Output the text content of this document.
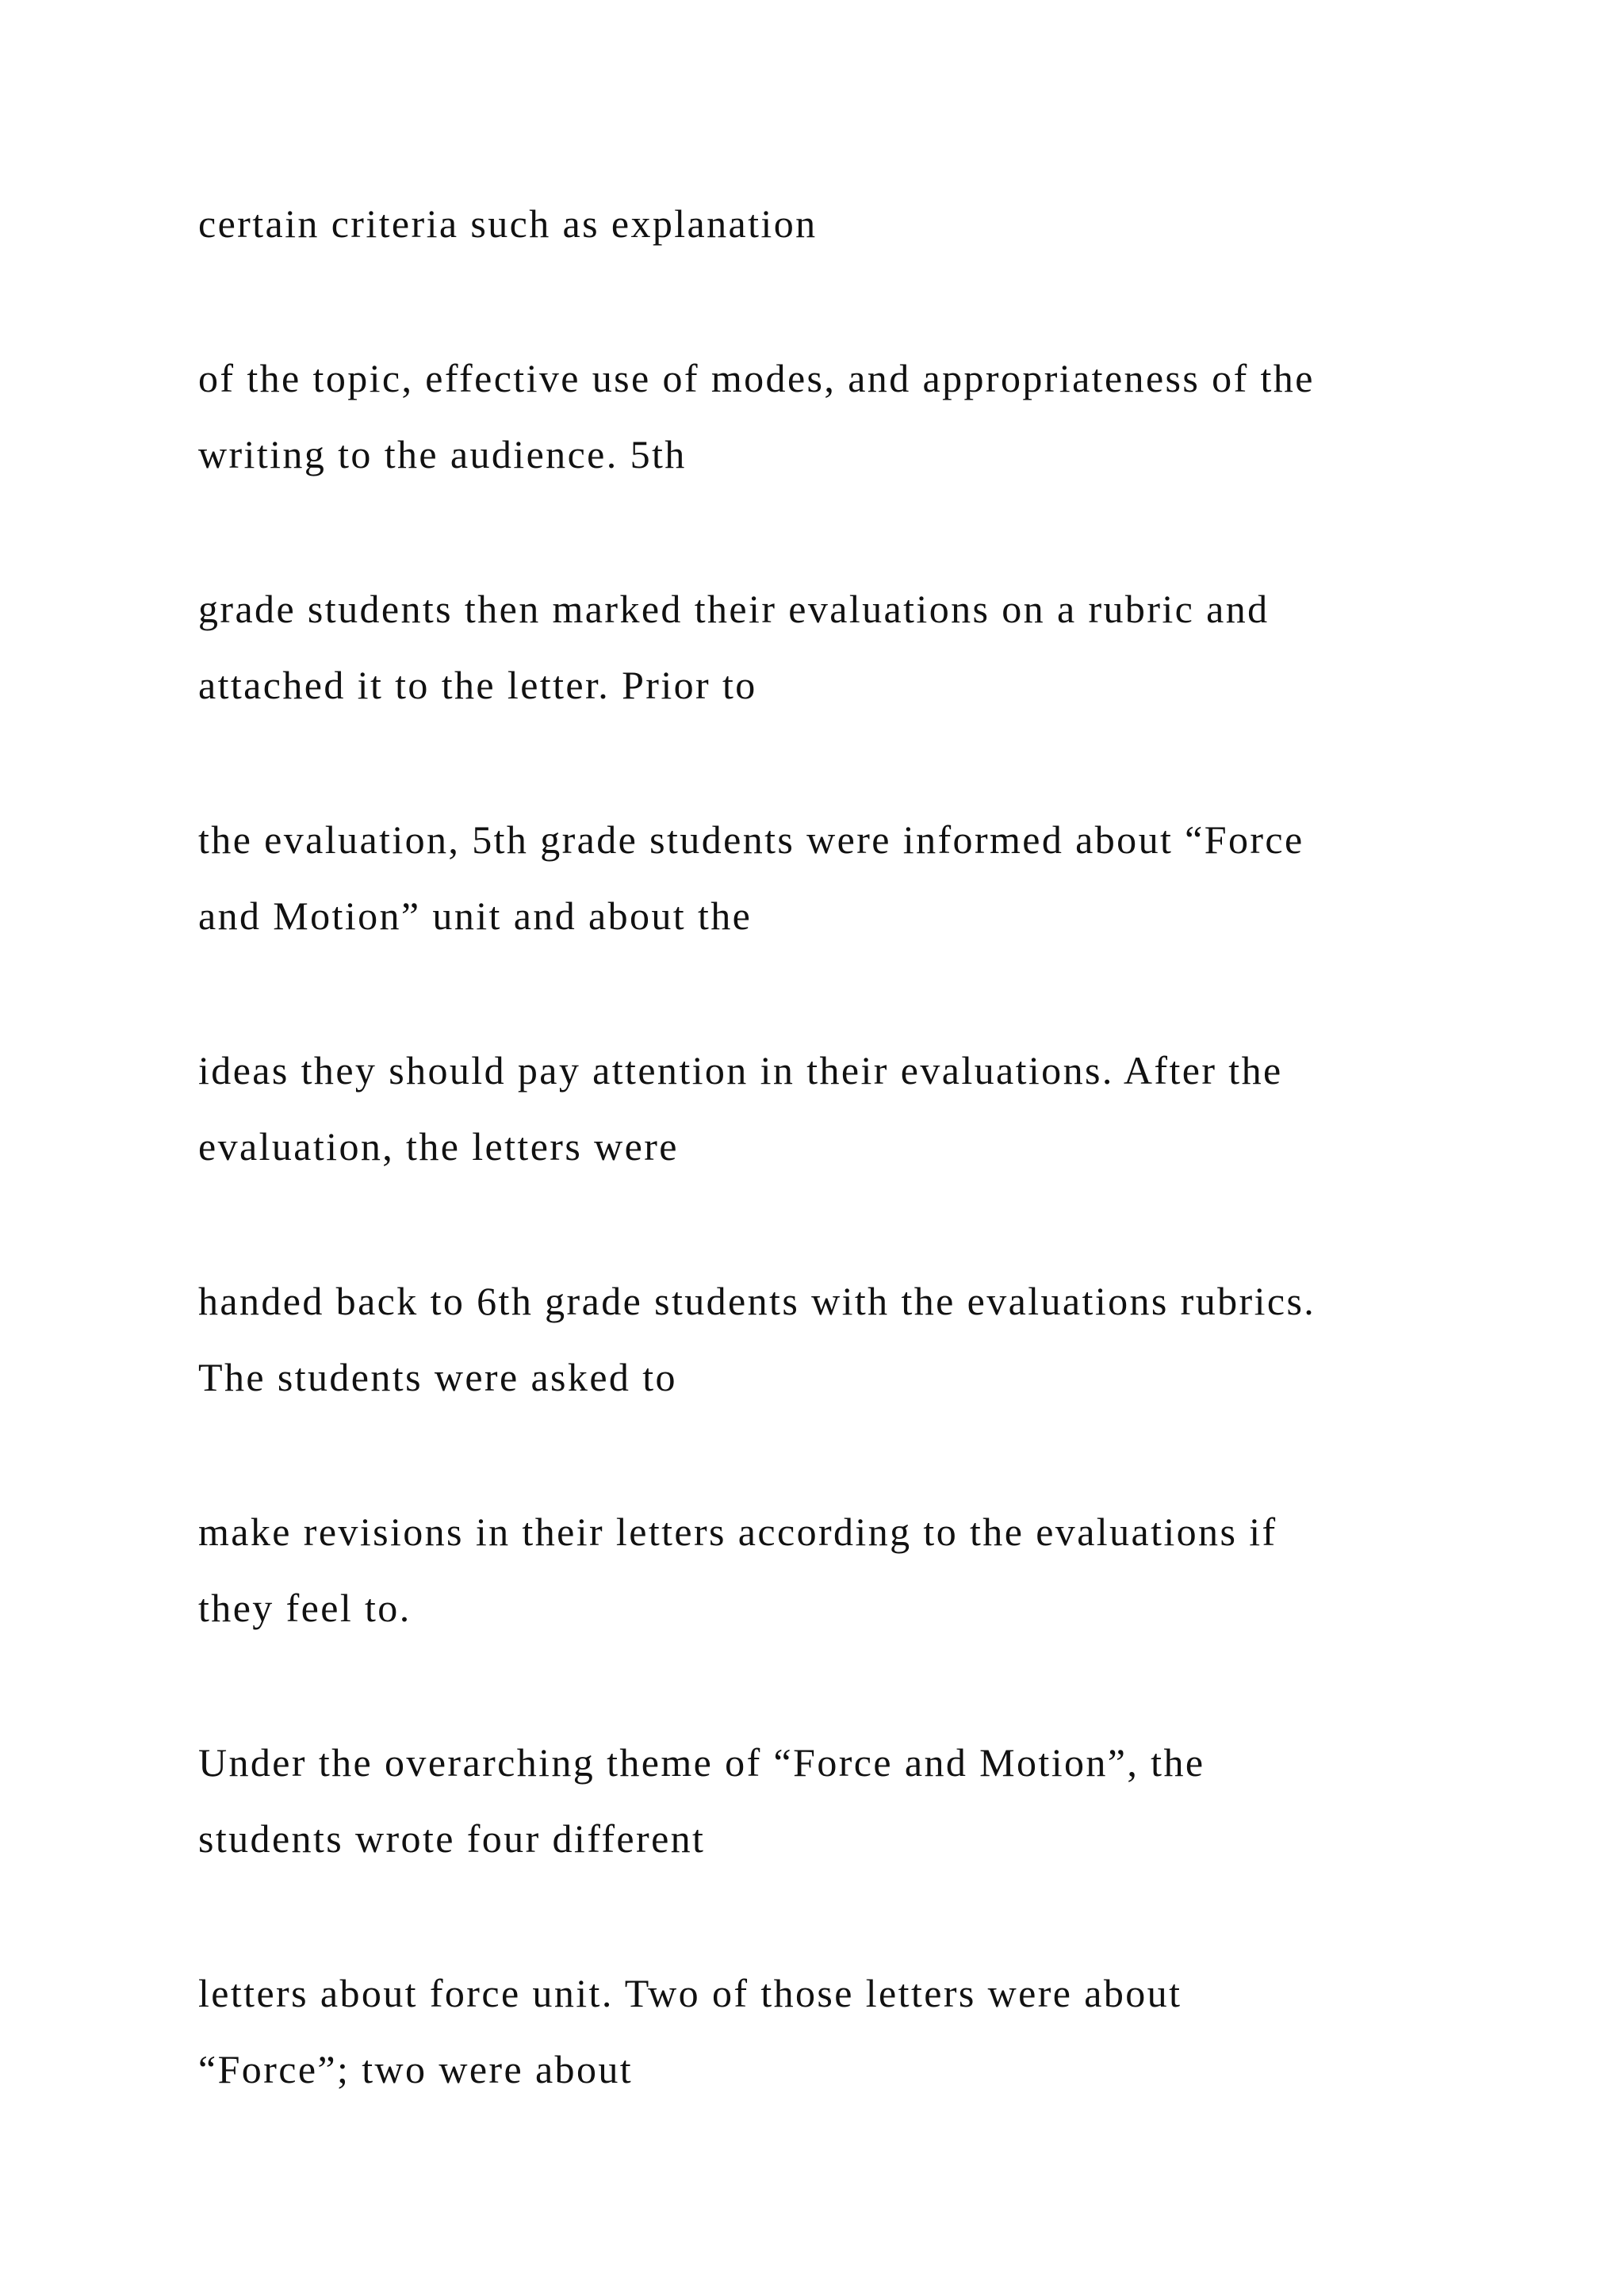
certain criteria such as explanation

of the topic, effective use of modes, and appropriateness of the
writing to the audience. 5th

grade students then marked their evaluations on a rubric and
attached it to the letter. Prior to

the evaluation, 5th grade students were informed about “Force
and Motion” unit and about the

ideas they should pay attention in their evaluations. After the
evaluation, the letters were

handed back to 6th grade students with the evaluations rubrics.
The students were asked to

make revisions in their letters according to the evaluations if
they feel to.

Under the overarching theme of “Force and Motion”, the
students wrote four different

letters about force unit. Two of those letters were about
“Force”; two were about
